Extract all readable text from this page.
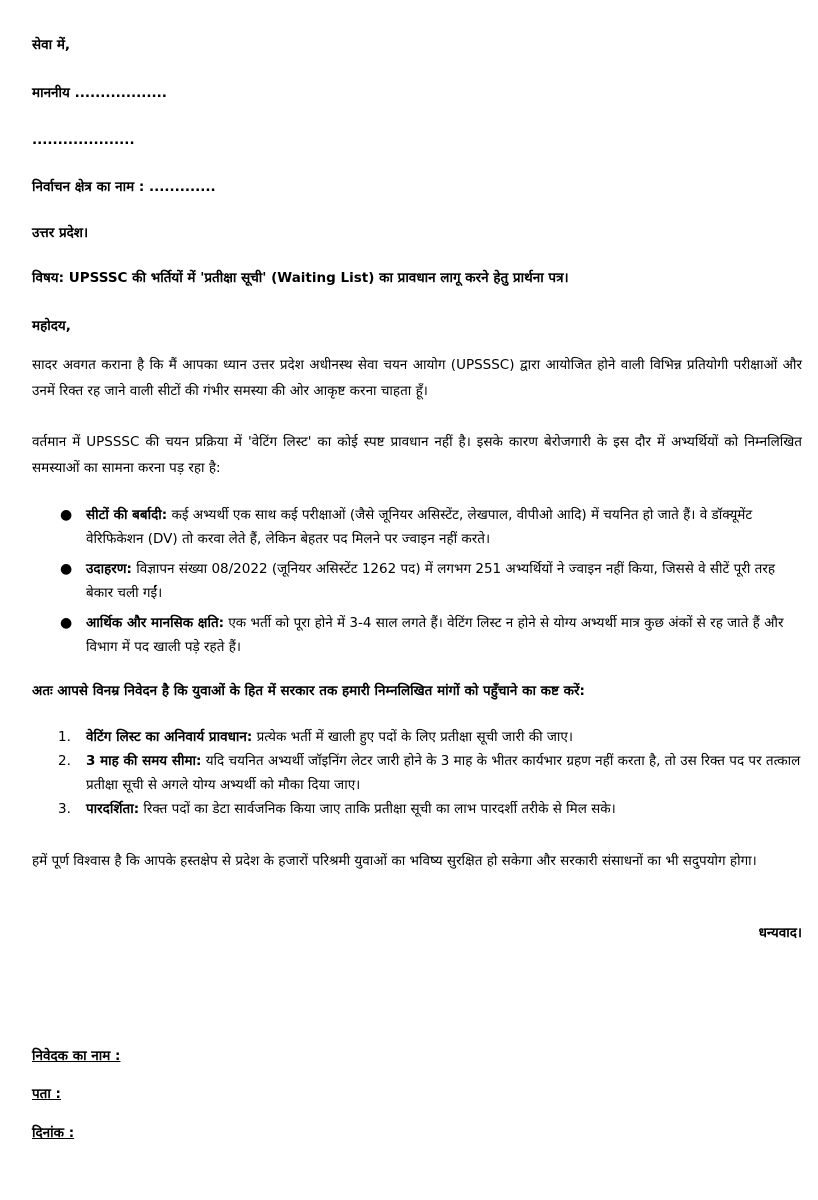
सेवा में,
माननीय ..................
....................
निर्वाचन क्षेत्र का नाम : .............
उत्तर प्रदेश।
विषय: UPSSSC की भर्तियों में 'प्रतीक्षा सूची' (Waiting List) का प्रावधान लागू करने हेतु प्रार्थना पत्र।
महोदय,
सादर अवगत कराना है कि मैं आपका ध्यान उत्तर प्रदेश अधीनस्थ सेवा चयन आयोग (UPSSSC) द्वारा आयोजित होने वाली विभिन्न प्रतियोगी परीक्षाओं और उनमें रिक्त रह जाने वाली सीटों की गंभीर समस्या की ओर आकृष्ट करना चाहता हूँ।
वर्तमान में UPSSSC की चयन प्रक्रिया में 'वेटिंग लिस्ट' का कोई स्पष्ट प्रावधान नहीं है। इसके कारण बेरोजगारी के इस दौर में अभ्यर्थियों को निम्नलिखित समस्याओं का सामना करना पड़ रहा है:
● सीटों की बर्बादी: कई अभ्यर्थी एक साथ कई परीक्षाओं (जैसे जूनियर असिस्टेंट, लेखपाल, वीपीओ आदि) में चयनित हो जाते हैं। वे डॉक्यूमेंट वेरिफिकेशन (DV) तो करवा लेते हैं, लेकिन बेहतर पद मिलने पर ज्वाइन नहीं करते।
● उदाहरण: विज्ञापन संख्या 08/2022 (जूनियर असिस्टेंट 1262 पद) में लगभग 251 अभ्यर्थियों ने ज्वाइन नहीं किया, जिससे वे सीटें पूरी तरह बेकार चली गईं।
● आर्थिक और मानसिक क्षति: एक भर्ती को पूरा होने में 3-4 साल लगते हैं। वेटिंग लिस्ट न होने से योग्य अभ्यर्थी मात्र कुछ अंकों से रह जाते हैं और विभाग में पद खाली पड़े रहते हैं।
अतः आपसे विनम्र निवेदन है कि युवाओं के हित में सरकार तक हमारी निम्नलिखित मांगों को पहुँचाने का कष्ट करें:
1. वेटिंग लिस्ट का अनिवार्य प्रावधान: प्रत्येक भर्ती में खाली हुए पदों के लिए प्रतीक्षा सूची जारी की जाए।
2. 3 माह की समय सीमा: यदि चयनित अभ्यर्थी जॉइनिंग लेटर जारी होने के 3 माह के भीतर कार्यभार ग्रहण नहीं करता है, तो उस रिक्त पद पर तत्काल प्रतीक्षा सूची से अगले योग्य अभ्यर्थी को मौका दिया जाए।
3. पारदर्शिता: रिक्त पदों का डेटा सार्वजनिक किया जाए ताकि प्रतीक्षा सूची का लाभ पारदर्शी तरीके से मिल सके।
हमें पूर्ण विश्वास है कि आपके हस्तक्षेप से प्रदेश के हजारों परिश्रमी युवाओं का भविष्य सुरक्षित हो सकेगा और सरकारी संसाधनों का भी सदुपयोग होगा।
धन्यवाद।
निवेदक का नाम :
पता :
दिनांक :
